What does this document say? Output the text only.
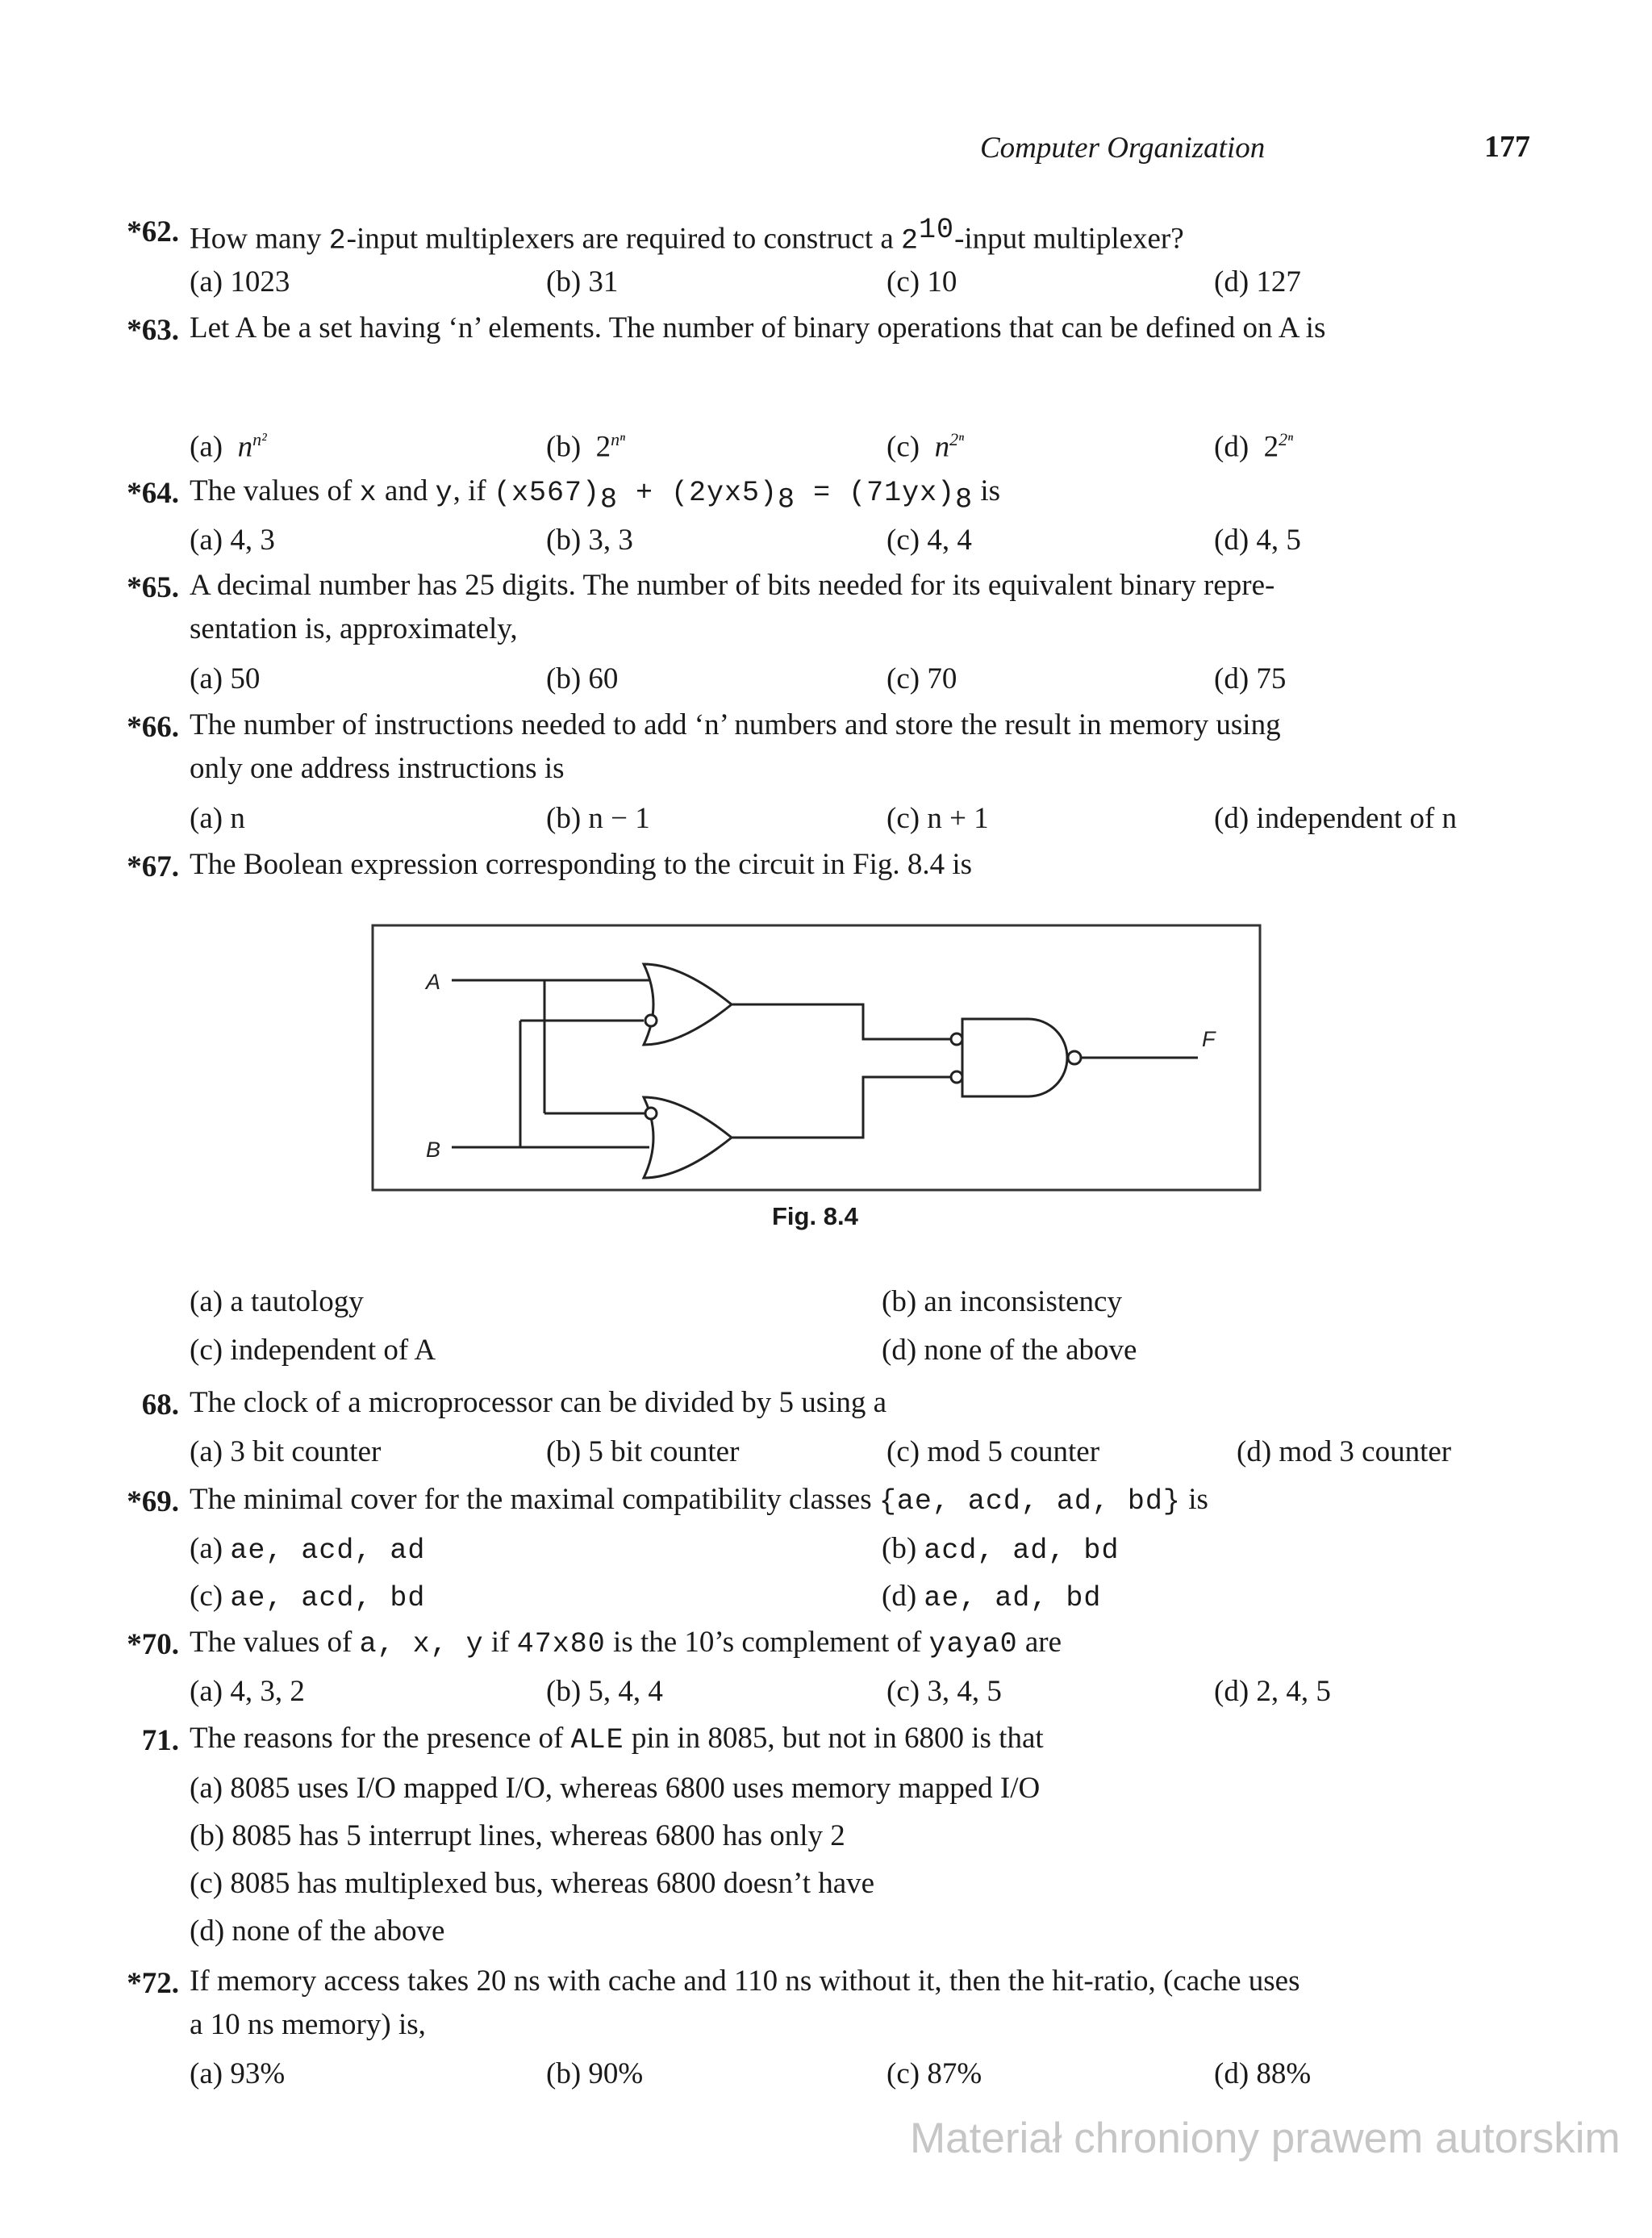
Computer Organization	177
*62. How many 2-input multiplexers are required to construct a $2^{10}$-input multiplexer?
(a) 1023	(b) 31	(c) 10	(d) 127
*63. Let A be a set having ‘n’ elements. The number of binary operations that can be defined on A is
(a) $n^{n^2}$	(b) $2^{n^n}$	(c) $n^{2^n}$	(d) $2^{2^n}$
*64. The values of x and y, if $(x567)_8 + (2yx5)_8 = (71yx)_8$ is
(a) 4, 3	(b) 3, 3	(c) 4, 4	(d) 4, 5
*65. A decimal number has 25 digits. The number of bits needed for its equivalent binary repre-
sentation is, approximately,
(a) 50	(b) 60	(c) 70	(d) 75
*66. The number of instructions needed to add ‘n’ numbers and store the result in memory using
only one address instructions is
(a) n	(b) n − 1	(c) n + 1	(d) independent of n
*67. The Boolean expression corresponding to the circuit in Fig. 8.4 is
A
B
F
Fig. 8.4
(a) a tautology	(b) an inconsistency
(c) independent of A	(d) none of the above
68. The clock of a microprocessor can be divided by 5 using a
(a) 3 bit counter	(b) 5 bit counter	(c) mod 5 counter	(d) mod 3 counter
*69. The minimal cover for the maximal compatibility classes {ae, acd, ad, bd} is
(a) ae, acd, ad	(b) acd, ad, bd
(c) ae, acd, bd	(d) ae, ad, bd
*70. The values of a, x, y if 47x80 is the 10’s complement of yaya0 are
(a) 4, 3, 2	(b) 5, 4, 4	(c) 3, 4, 5	(d) 2, 4, 5
71. The reasons for the presence of ALE pin in 8085, but not in 6800 is that
(a) 8085 uses I/O mapped I/O, whereas 6800 uses memory mapped I/O
(b) 8085 has 5 interrupt lines, whereas 6800 has only 2
(c) 8085 has multiplexed bus, whereas 6800 doesn’t have
(d) none of the above
*72. If memory access takes 20 ns with cache and 110 ns without it, then the hit-ratio, (cache uses
a 10 ns memory) is,
(a) 93%	(b) 90%	(c) 87%	(d) 88%
Materiał chroniony prawem autorskim
